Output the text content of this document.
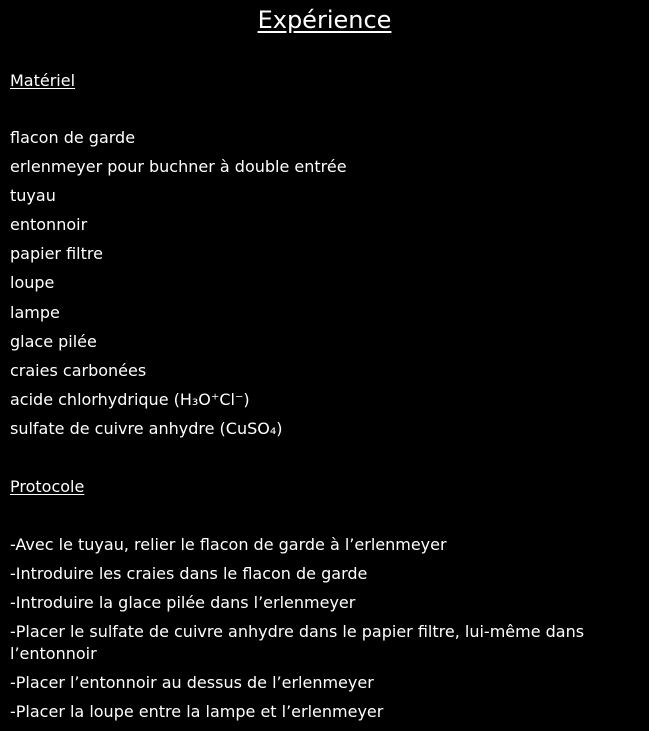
Expérience
Matériel
flacon de garde
erlenmeyer pour buchner à double entrée
tuyau
entonnoir
papier filtre
loupe
lampe
glace pilée
craies carbonées
acide chlorhydrique (H₃O⁺Cl⁻)
sulfate de cuivre anhydre (CuSO₄)
Protocole
-Avec le tuyau, relier le flacon de garde à l’erlenmeyer
-Introduire les craies dans le flacon de garde
-Introduire la glace pilée dans l’erlenmeyer
-Placer le sulfate de cuivre anhydre dans le papier filtre, lui-même dans l’entonnoir
-Placer l’entonnoir au dessus de l’erlenmeyer
-Placer la loupe entre la lampe et l’erlenmeyer
